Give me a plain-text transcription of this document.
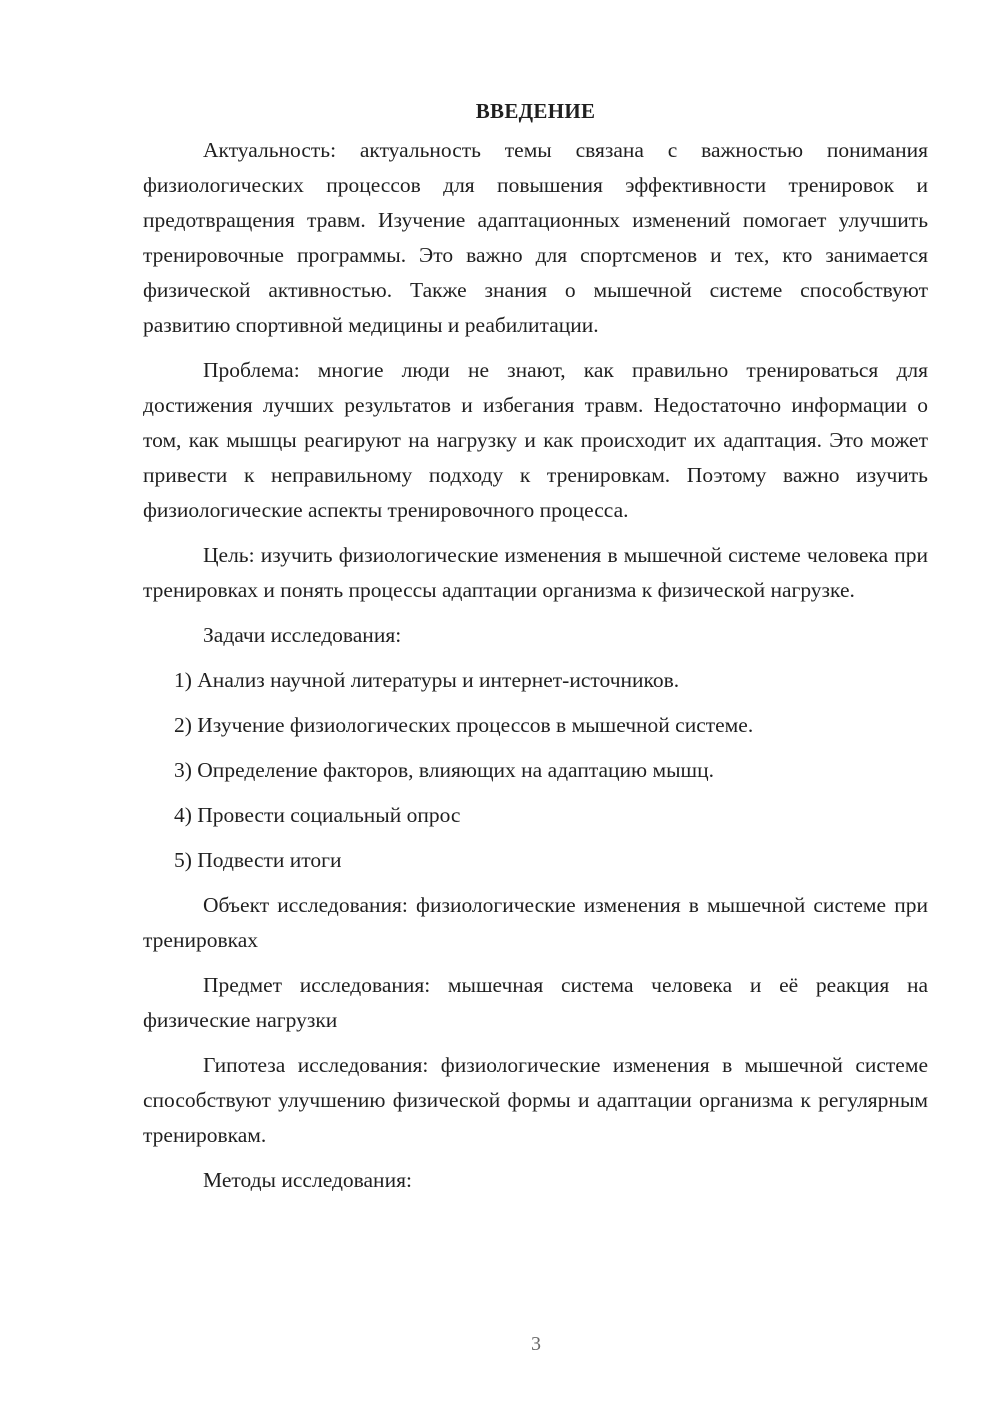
ВВЕДЕНИЕ

Актуальность: актуальность темы связана с важностью понимания физиологических процессов для повышения эффективности тренировок и предотвращения травм. Изучение адаптационных изменений помогает улучшить тренировочные программы. Это важно для спортсменов и тех, кто занимается физической активностью. Также знания о мышечной системе способствуют развитию спортивной медицины и реабилитации.

Проблема: многие люди не знают, как правильно тренироваться для достижения лучших результатов и избегания травм. Недостаточно информации о том, как мышцы реагируют на нагрузку и как происходит их адаптация. Это может привести к неправильному подходу к тренировкам. Поэтому важно изучить физиологические аспекты тренировочного процесса.

Цель: изучить физиологические изменения в мышечной системе человека при тренировках и понять процессы адаптации организма к физической нагрузке.

Задачи исследования:

1) Анализ научной литературы и интернет-источников.

2) Изучение физиологических процессов в мышечной системе.

3) Определение факторов, влияющих на адаптацию мышц.

4) Провести социальный опрос

5) Подвести итоги

Объект исследования: физиологические изменения в мышечной системе при тренировках

Предмет исследования: мышечная система человека и её реакция на физические нагрузки

Гипотеза исследования: физиологические изменения в мышечной системе способствуют улучшению физической формы и адаптации организма к регулярным тренировкам.

Методы исследования:

3
